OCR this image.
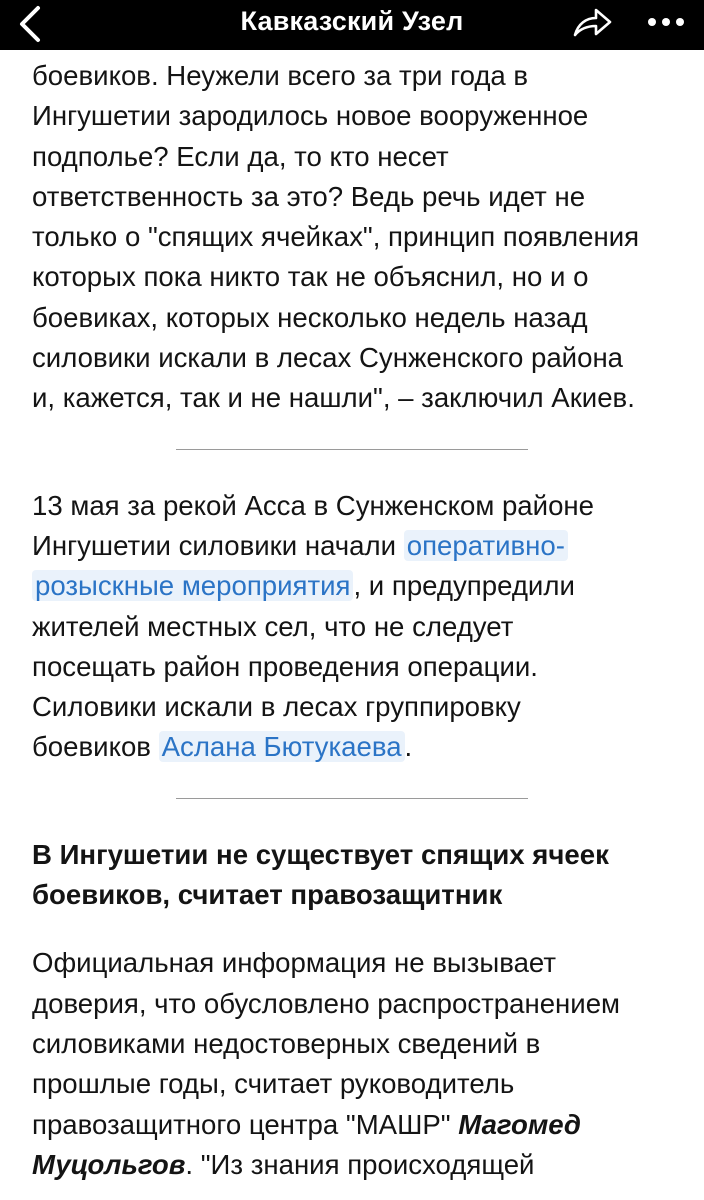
Кавказский Узел

боевиков. Неужели всего за три года в
Ингушетии зародилось новое вооруженное
подполье? Если да, то кто несет
ответственность за это? Ведь речь идет не
только о "спящих ячейках", принцип появления
которых пока никто так не объяснил, но и о
боевиках, которых несколько недель назад
силовики искали в лесах Сунженского района
и, кажется, так и не нашли", – заключил Акиев.

13 мая за рекой Асса в Сунженском районе
Ингушетии силовики начали оперативно-
розыскные мероприятия , и предупредили
жителей местных сел, что не следует
посещать район проведения операции.
Силовики искали в лесах группировку
боевиков Аслана Бютукаева .

В Ингушетии не существует спящих ячеек
боевиков, считает правозащитник

Официальная информация не вызывает
доверия, что обусловлено распространением
силовиками недостоверных сведений в
прошлые годы, считает руководитель
правозащитного центра "МАШР" Магомед
Муцольгов. "Из знания происходящей
